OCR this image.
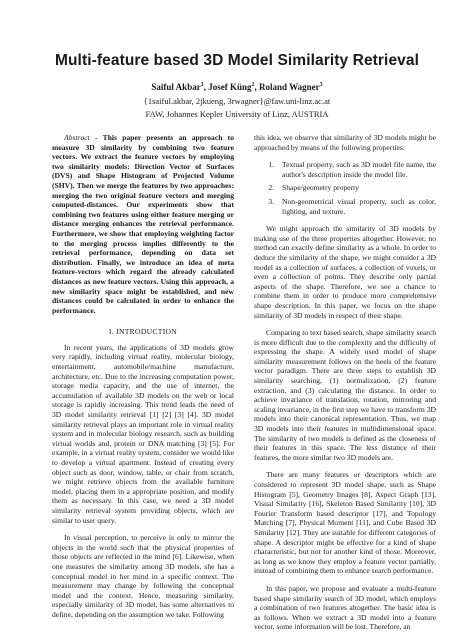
Multi-feature based 3D Model Similarity Retrieval
Saiful Akbar$^1$, Josef Küng$^2$, Roland Wagner$^3$
{1saiful.akbar, 2jkueng, 3rwagner}@faw.uni-linz.ac.at
FAW, Johannes Kepler University of Linz, AUSTRIA

Abstract - This paper presents an approach to measure 3D similarity by combining two feature vectors. We extract the feature vectors by employing two similarity models: Direction Vector of Surfaces (DVS) and Shape Histogram of Projected Volume (SHV). Then we merge the features by two approaches: merging the two original feature vectors and merging computed-distances. Our experiments show that combining two features using either feature merging or distance merging enhances the retrieval performance. Furthermore, we show that employing weighting factor to the merging process implies differently to the retrieval performance, depending on data set distribution. Finally, we introduce an idea of meta feature-vectors which regard the already calculated distances as new feature vectors. Using this approach, a new similarity space might be established, and new distances could be calculated in order to enhance the performance.

I. INTRODUCTION

In recent years, the applications of 3D models grow very rapidly, including virtual reality, molecular biology, entertainment, automobile/machine manufacture, architecture, etc. Due to the increasing computation power, storage media capacity, and the use of internet, the accumulation of available 3D models on the web or local storage is rapidly increasing. This trend leads the need of 3D model similarity retrieval [1] [2] [3] [4]. 3D model similarity retrieval plays an important role in virtual reality system and in molecular biology research, such as building virtual worlds and, protein or DNA matching [3] [5]. For example, in a virtual reality system, consider we would like to develop a virtual apartment. Instead of creating every object such as door, window, table, or chair from scratch, we might retrieve objects from the available furniture model, placing them in a appropriate position, and modify them as necessary. In this case, we need a 3D model similarity retrieval system providing objects, which are similar to user query.

In visual perception, to perceive is only to mirror the objects in the world such that the physical properties of those objects are reflected in the mind [6]. Likewise, when one measures the similarity among 3D models, she has a conceptual model in her mind in a specific context. The measurement may change by following the conceptual model and the context. Hence, measuring similarity, especially similarity of 3D model, has some alternatives to define, depending on the assumption we take. Following

this idea, we observe that similarity of 3D models might be approached by means of the following properties:

1. Textual property, such as 3D model file name, the author's description inside the model file.
2. Shape/geometry property
3. Non-geometrical visual property, such as color, lighting, and texture.

We might approach the similarity of 3D models by making use of the three properties altogether. However, no method can exactly define similarity as a whole. In order to deduce the similarity of the shape, we might consider a 3D model as a collection of surfaces, a collection of voxels, or even a collection of points. They describe only partial aspects of the shape. Therefore, we see a chance to combine them in order to produce more comprehensive shape description. In this paper, we focus on the shape similarity of 3D models in respect of their shape.

Comparing to text based search, shape similarity search is more difficult due to the complexity and the difficulty of expressing the shape. A widely used model of shape similarity measurement follows on the heels of the feature vector paradigm. There are three steps to establish 3D similarity searching, (1) normalization, (2) feature extraction, and (3) calculating the distance. In order to achieve invariance of translation, rotation, mirroring and scaling invariance, in the first step we have to transform 3D models into their canonical representation. Thus, we map 3D models into their features in multidimensional space. The similarity of two models is defined as the closeness of their features in this space. The less distance of their features, the more similar two 3D models are.

There are many features or descriptors which are considered to represent 3D model shape, such as Shape Histogram [5], Geometry Images [8], Aspect Graph [13], Visual Similarity [16], Skeleton Based Similarity [10], 3D Fourier Transform based descriptor [17], and Topology Matching [7], Physical Moment [11], and Cube Based 3D Similarity [12]. They are suitable for different categories of shape. A descriptor might be effective for a kind of shape characteristic, but not for another kind of those. Moreover, as long as we know they employ a feature vector partially, instead of combining them to enhance search performance.

In this paper, we propose and evaluate a multi-feature based shape similarity search of 3D model, which employs a combination of two features altogether. The basic idea is as follows. When we extract a 3D model into a feature vector, some information will be lost. Therefore, an
